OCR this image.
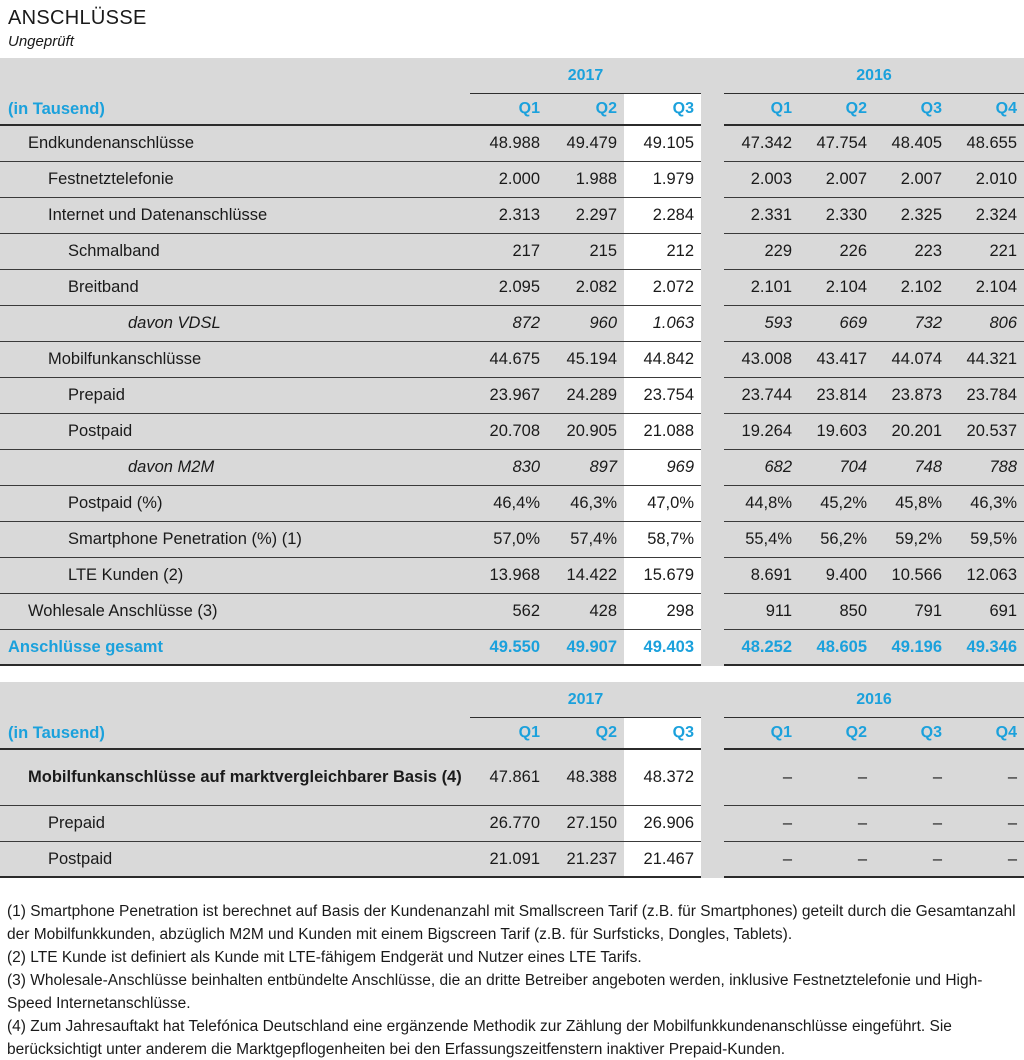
ANSCHLÜSSE
Ungeprüft
2017	2016
(in Tausend)	Q1	Q2	Q3	Q1	Q2	Q3	Q4
Endkundenanschlüsse	48.988 49.479 49.105	47.342 47.754 48.405 48.655
Festnetztelefonie	2.000 1.988 1.979	2.003 2.007 2.007 2.010
Internet und Datenanschlüsse	2.313 2.297 2.284	2.331 2.330 2.325 2.324
Schmalband	217	215	212	229	226	223	221
Breitband	2.095 2.082 2.072	2.101 2.104 2.102 2.104
davon VDSL	872	960 1.063	593	669	732	806
Mobilfunkanschlüsse	44.675 45.194 44.842	43.008 43.417 44.074 44.321
Prepaid	23.967 24.289 23.754	23.744 23.814 23.873 23.784
Postpaid	20.708 20.905 21.088	19.264 19.603 20.201 20.537
davon M2M	830	897	969	682	704	748	788
Postpaid (%)	46,4% 46,3% 47,0%	44,8% 45,2% 45,8% 46,3%
Smartphone Penetration (%) (1)	57,0% 57,4% 58,7%	55,4% 56,2% 59,2% 59,5%
LTE Kunden (2)	13.968 14.422 15.679	8.691 9.400 10.566 12.063
Wohlesale Anschlüsse (3)	562	428	298	911	850	791	691
Anschlüsse gesamt	49.550 49.907 49.403	48.252 48.605 49.196 49.346
2017	2016
(in Tausend)	Q1	Q2	Q3	Q1	Q2	Q3	Q4
Mobilfunkanschlüsse auf marktvergleichbarer Basis (4) 47.861 48.388 48.372	–	–	–	–
Prepaid	26.770 27.150 26.906	–	–	–	–
Postpaid	21.091 21.237 21.467	–	–	–	–

(1) Smartphone Penetration ist berechnet auf Basis der Kundenanzahl mit Smallscreen Tarif (z.B. für Smartphones) geteilt durch die Gesamtanzahl der Mobilfunkkunden, abzüglich M2M und Kunden mit einem Bigscreen Tarif (z.B. für Surfsticks, Dongles, Tablets).

(2) LTE Kunde ist definiert als Kunde mit LTE-fähigem Endgerät und Nutzer eines LTE Tarifs.

(3) Wholesale-Anschlüsse beinhalten entbündelte Anschlüsse, die an dritte Betreiber angeboten werden, inklusive Festnetztelefonie und High-Speed Internetanschlüsse.

(4) Zum Jahresauftakt hat Telefónica Deutschland eine ergänzende Methodik zur Zählung der Mobilfunkkundenanschlüsse eingeführt. Sie berücksichtigt unter anderem die Marktgepflogenheiten bei den Erfassungszeitfenstern inaktiver Prepaid-Kunden.
